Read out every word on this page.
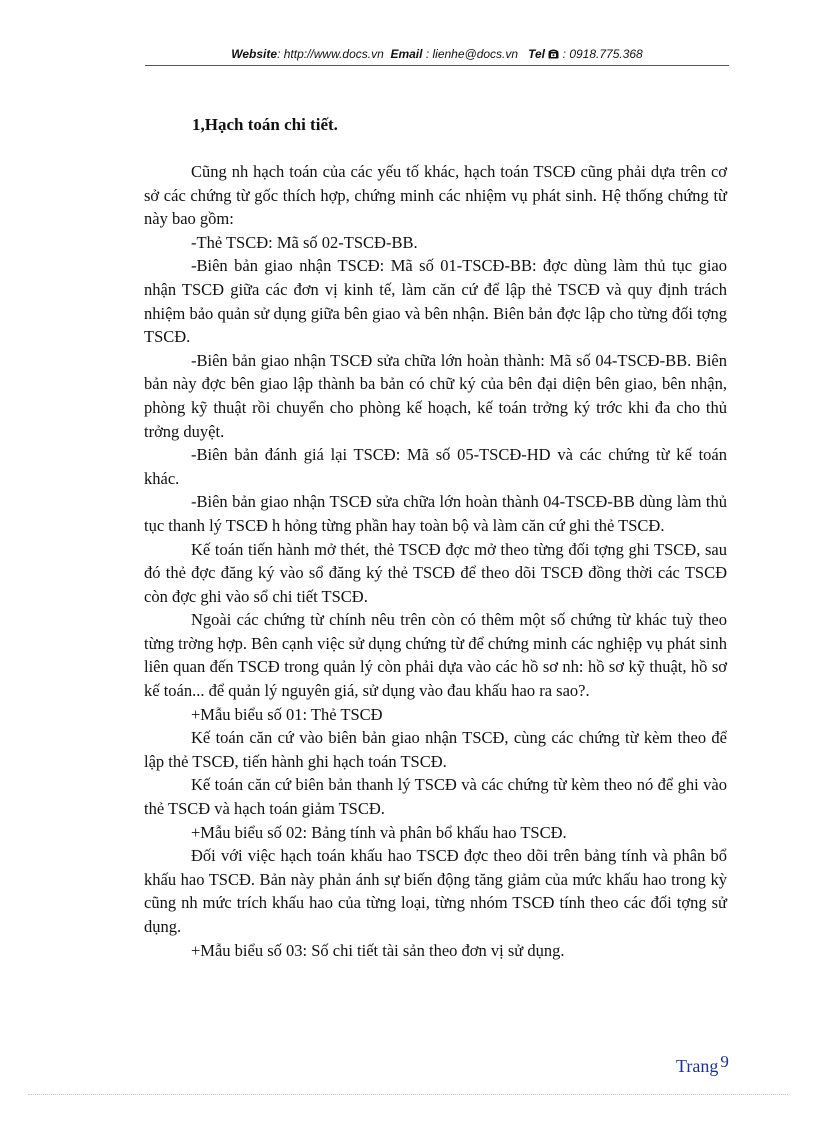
Website: http://www.docs.vn Email : lienhe@docs.vn Tel : 0918.775.368

1,Hạch toán chi tiết.

Cũng nh hạch toán của các yếu tố khác, hạch toán TSCĐ cũng phải dựa trên cơ sở các chứng từ gốc thích hợp, chứng minh các nhiệm vụ phát sinh. Hệ thống chứng từ này bao gồm:

-Thẻ TSCĐ: Mã số 02-TSCĐ-BB.

-Biên bản giao nhận TSCĐ: Mã số 01-TSCĐ-BB: đợc dùng làm thủ tục giao nhận TSCĐ giữa các đơn vị kinh tế, làm căn cứ để lập thẻ TSCĐ và quy định trách nhiệm bảo quản sử dụng giữa bên giao và bên nhận. Biên bản đợc lập cho từng đối tợng TSCĐ.

-Biên bản giao nhận TSCĐ sửa chữa lớn hoàn thành: Mã số 04-TSCĐ-BB. Biên bản này đợc bên giao lập thành ba bản có chữ ký của bên đại diện bên giao, bên nhận, phòng kỹ thuật rồi chuyển cho phòng kế hoạch, kế toán trởng ký trớc khi đa cho thủ trởng duyệt.

-Biên bản đánh giá lại TSCĐ: Mã số 05-TSCĐ-HD và các chứng từ kế toán khác.

-Biên bản giao nhận TSCĐ sửa chữa lớn hoàn thành 04-TSCĐ-BB dùng làm thủ tục thanh lý TSCĐ h hỏng từng phần hay toàn bộ và làm căn cứ ghi thẻ TSCĐ.

Kế toán tiến hành mở thét, thẻ TSCĐ đợc mở theo từng đối tợng ghi TSCĐ, sau đó thẻ đợc đăng ký vào sổ đăng ký thẻ TSCĐ để theo dõi TSCĐ đồng thời các TSCĐ còn đợc ghi vào sổ chi tiết TSCĐ.

Ngoài các chứng từ chính nêu trên còn có thêm một số chứng từ khác tuỳ theo từng trờng hợp. Bên cạnh việc sử dụng chứng từ để chứng minh các nghiệp vụ phát sinh liên quan đến TSCĐ trong quản lý còn phải dựa vào các hồ sơ nh: hồ sơ kỹ thuật, hồ sơ kế toán... để quản lý nguyên giá, sử dụng vào đau khấu hao ra sao?.

+Mẫu biểu số 01: Thẻ TSCĐ

Kế toán căn cứ vào biên bản giao nhận TSCĐ, cùng các chứng từ kèm theo để lập thẻ TSCĐ, tiến hành ghi hạch toán TSCĐ.

Kế toán căn cứ biên bản thanh lý TSCĐ và các chứng từ kèm theo nó để ghi vào thẻ TSCĐ và hạch toán giảm TSCĐ.

+Mẫu biểu số 02: Bảng tính và phân bổ khấu hao TSCĐ.

Đối với việc hạch toán khấu hao TSCĐ đợc theo dõi trên bảng tính và phân bổ khấu hao TSCĐ. Bản này phản ánh sự biến động tăng giảm của mức khấu hao trong kỳ cũng nh mức trích khấu hao của từng loại, từng nhóm TSCĐ tính theo các đối tợng sử dụng.

+Mẫu biểu số 03: Số chi tiết tài sản theo đơn vị sử dụng.

Trang 9
